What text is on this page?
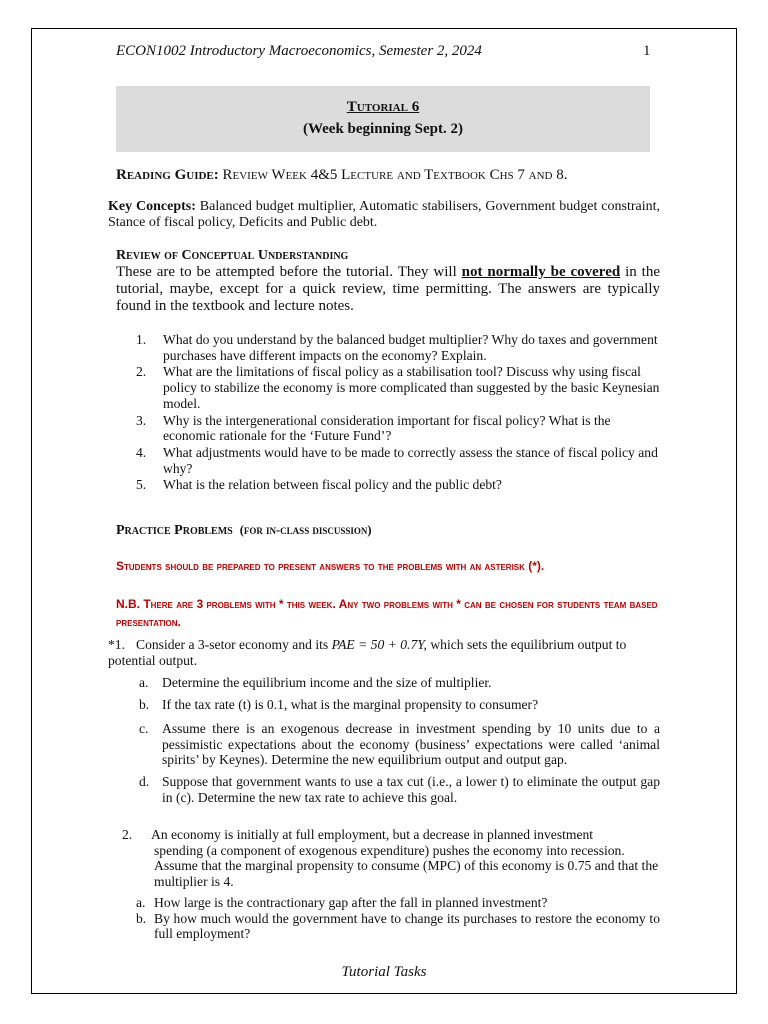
ECON1002 Introductory Macroeconomics, Semester 2, 2024	1
Tutorial 6
(Week beginning Sept. 2)
Reading Guide: Review Week 4&5 Lecture and Textbook Chs 7 and 8.
Key Concepts: Balanced budget multiplier, Automatic stabilisers, Government budget constraint, Stance of fiscal policy, Deficits and Public debt.
Review of Conceptual Understanding
These are to be attempted before the tutorial. They will not normally be covered in the tutorial, maybe, except for a quick review, time permitting. The answers are typically found in the textbook and lecture notes.
1.	What do you understand by the balanced budget multiplier? Why do taxes and government purchases have different impacts on the economy? Explain.
2.	What are the limitations of fiscal policy as a stabilisation tool? Discuss why using fiscal policy to stabilize the economy is more complicated than suggested by the basic Keynesian model.
3.	Why is the intergenerational consideration important for fiscal policy? What is the economic rationale for the ‘Future Fund’?
4.	What adjustments would have to be made to correctly assess the stance of fiscal policy and why?
5.	What is the relation between fiscal policy and the public debt?
Practice Problems (for in-class discussion)
Students should be prepared to present answers to the problems with an asterisk (*).
N.B. There are 3 problems with * this week. Any two problems with * can be chosen for students team based presentation.
*1. Consider a 3-setor economy and its PAE = 50 + 0.7Y, which sets the equilibrium output to potential output.
a. Determine the equilibrium income and the size of multiplier.
b. If the tax rate (t) is 0.1, what is the marginal propensity to consumer?
c. Assume there is an exogenous decrease in investment spending by 10 units due to a pessimistic expectations about the economy (business’ expectations were called ‘animal spirits’ by Keynes). Determine the new equilibrium output and output gap.
d. Suppose that government wants to use a tax cut (i.e., a lower t) to eliminate the output gap in (c). Determine the new tax rate to achieve this goal.
2. An economy is initially at full employment, but a decrease in planned investment
spending (a component of exogenous expenditure) pushes the economy into recession. Assume that the marginal propensity to consume (MPC) of this economy is 0.75 and that the multiplier is 4.
a. How large is the contractionary gap after the fall in planned investment?
b. By how much would the government have to change its purchases to restore the economy to full employment?
Tutorial Tasks
